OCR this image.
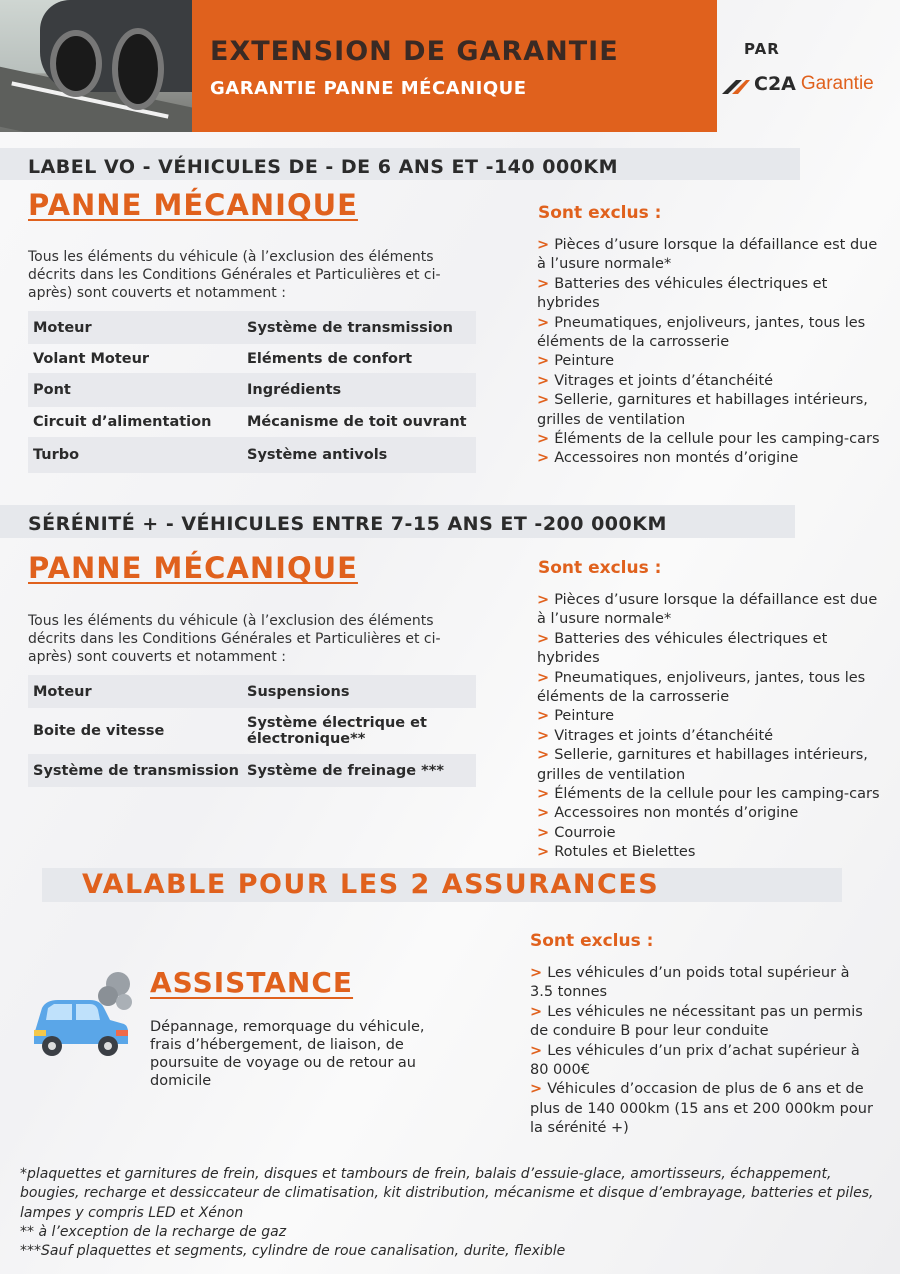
EXTENSION DE GARANTIE
GARANTIE PANNE MÉCANIQUE
PAR
C2A Garantie
LABEL VO - VÉHICULES DE - DE 6 ANS ET -140 000KM
PANNE MÉCANIQUE
Tous les éléments du véhicule (à l’exclusion des éléments décrits dans les Conditions Générales et Particulières et ci-après) sont couverts et notamment :
Moteur	Système de transmission
Volant Moteur	Eléments de confort
Pont	Ingrédients
Circuit d’alimentation	Mécanisme de toit ouvrant
Turbo	Système antivols
Sont exclus :
> Pièces d’usure lorsque la défaillance est due à l’usure normale*
> Batteries des véhicules électriques et hybrides
> Pneumatiques, enjoliveurs, jantes, tous les éléments de la carrosserie
> Peinture
> Vitrages et joints d’étanchéité
> Sellerie, garnitures et habillages intérieurs, grilles de ventilation
> Éléments de la cellule pour les camping-cars
> Accessoires non montés d’origine
SÉRÉNITÉ + - VÉHICULES ENTRE 7-15 ANS ET -200 000KM
PANNE MÉCANIQUE
Tous les éléments du véhicule (à l’exclusion des éléments décrits dans les Conditions Générales et Particulières et ci-après) sont couverts et notamment :
Moteur	Suspensions
Boite de vitesse	Système électrique et électronique**
Système de transmission	Système de freinage ***
Sont exclus :
> Pièces d’usure lorsque la défaillance est due à l’usure normale*
> Batteries des véhicules électriques et hybrides
> Pneumatiques, enjoliveurs, jantes, tous les éléments de la carrosserie
> Peinture
> Vitrages et joints d’étanchéité
> Sellerie, garnitures et habillages intérieurs, grilles de ventilation
> Éléments de la cellule pour les camping-cars
> Accessoires non montés d’origine
> Courroie
> Rotules et Bielettes
VALABLE POUR LES 2 ASSURANCES
ASSISTANCE
Dépannage, remorquage du véhicule, frais d’hébergement, de liaison, de poursuite de voyage ou de retour au domicile
Sont exclus :
> Les véhicules d’un poids total supérieur à 3.5 tonnes
> Les véhicules ne nécessitant pas un permis de conduire B pour leur conduite
> Les véhicules d’un prix d’achat supérieur à 80 000€
> Véhicules d’occasion de plus de 6 ans et de plus de 140 000km (15 ans et 200 000km pour la sérénité +)
*plaquettes et garnitures de frein, disques et tambours de frein, balais d’essuie-glace, amortisseurs, échappement, bougies, recharge et dessiccateur de climatisation, kit distribution, mécanisme et disque d’embrayage, batteries et piles, lampes y compris LED et Xénon
** à l’exception de la recharge de gaz
***Sauf plaquettes et segments, cylindre de roue canalisation, durite, flexible
